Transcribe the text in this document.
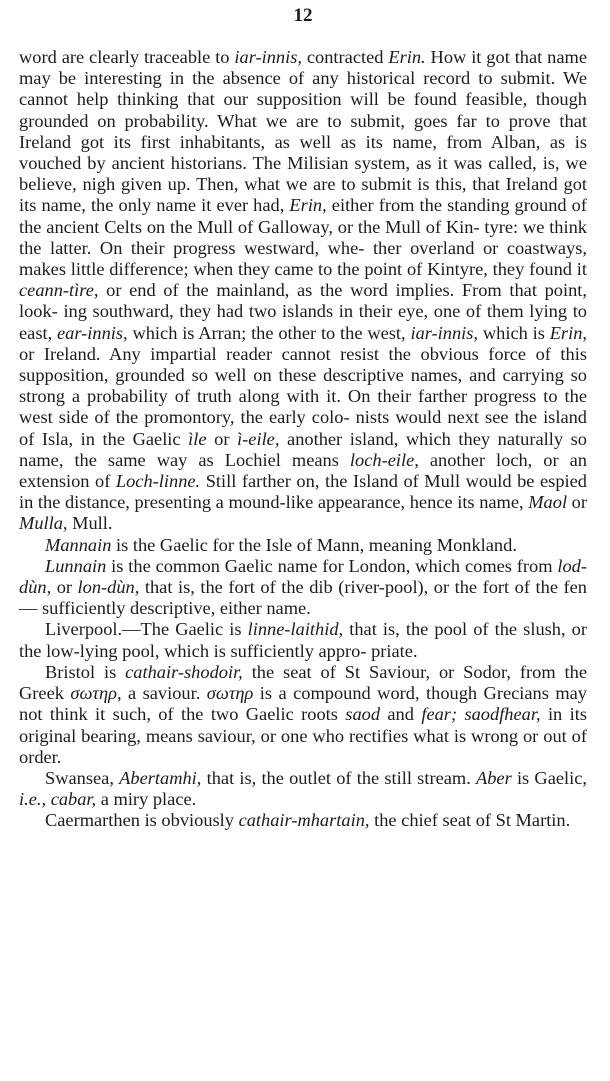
12

word are clearly traceable to iar-innis, contracted Erin. How it got that name may be interesting in the absence of any historical record to submit. We cannot help thinking that our supposition will be found feasible, though grounded on probability. What we are to submit, goes far to prove that Ireland got its first inhabitants, as well as its name, from Alban, as is vouched by ancient historians. The Milisian system, as it was called, is, we believe, nigh given up. Then, what we are to submit is this, that Ireland got its name, the only name it ever had, Erin, either from the standing ground of the ancient Celts on the Mull of Galloway, or the Mull of Kin- tyre: we think the latter. On their progress westward, whe- ther overland or coastways, makes little difference; when they came to the point of Kintyre, they found it ceann-tìre, or end of the mainland, as the word implies. From that point, look- ing southward, they had two islands in their eye, one of them lying to east, ear-innis, which is Arran; the other to the west, iar-innis, which is Erin, or Ireland. Any impartial reader cannot resist the obvious force of this supposition, grounded so well on these descriptive names, and carrying so strong a probability of truth along with it. On their farther progress to the west side of the promontory, the early colo- nists would next see the island of Isla, in the Gaelic ìle or ì-eile, another island, which they naturally so name, the same way as Lochiel means loch-eile, another loch, or an extension of Loch-linne. Still farther on, the Island of Mull would be espied in the distance, presenting a mound-like appearance, hence its name, Maol or Mulla, Mull.

Mannain is the Gaelic for the Isle of Mann, meaning Monkland.

Lunnain is the common Gaelic name for London, which comes from lod-dùn, or lon-dùn, that is, the fort of the dib (river-pool), or the fort of the fen — sufficiently descriptive, either name.

Liverpool.—The Gaelic is linne-laithid, that is, the pool of the slush, or the low-lying pool, which is sufficiently appro- priate.

Bristol is cathair-shodoir, the seat of St Saviour, or Sodor, from the Greek σωτηρ, a saviour. σωτηρ is a compound word, though Grecians may not think it such, of the two Gaelic roots saod and fear; saodfhear, in its original bearing, means saviour, or one who rectifies what is wrong or out of order.

Swansea, Abertamhi, that is, the outlet of the still stream. Aber is Gaelic, i.e., cabar, a miry place.

Caermarthen is obviously cathair-mhartain, the chief seat of St Martin.
